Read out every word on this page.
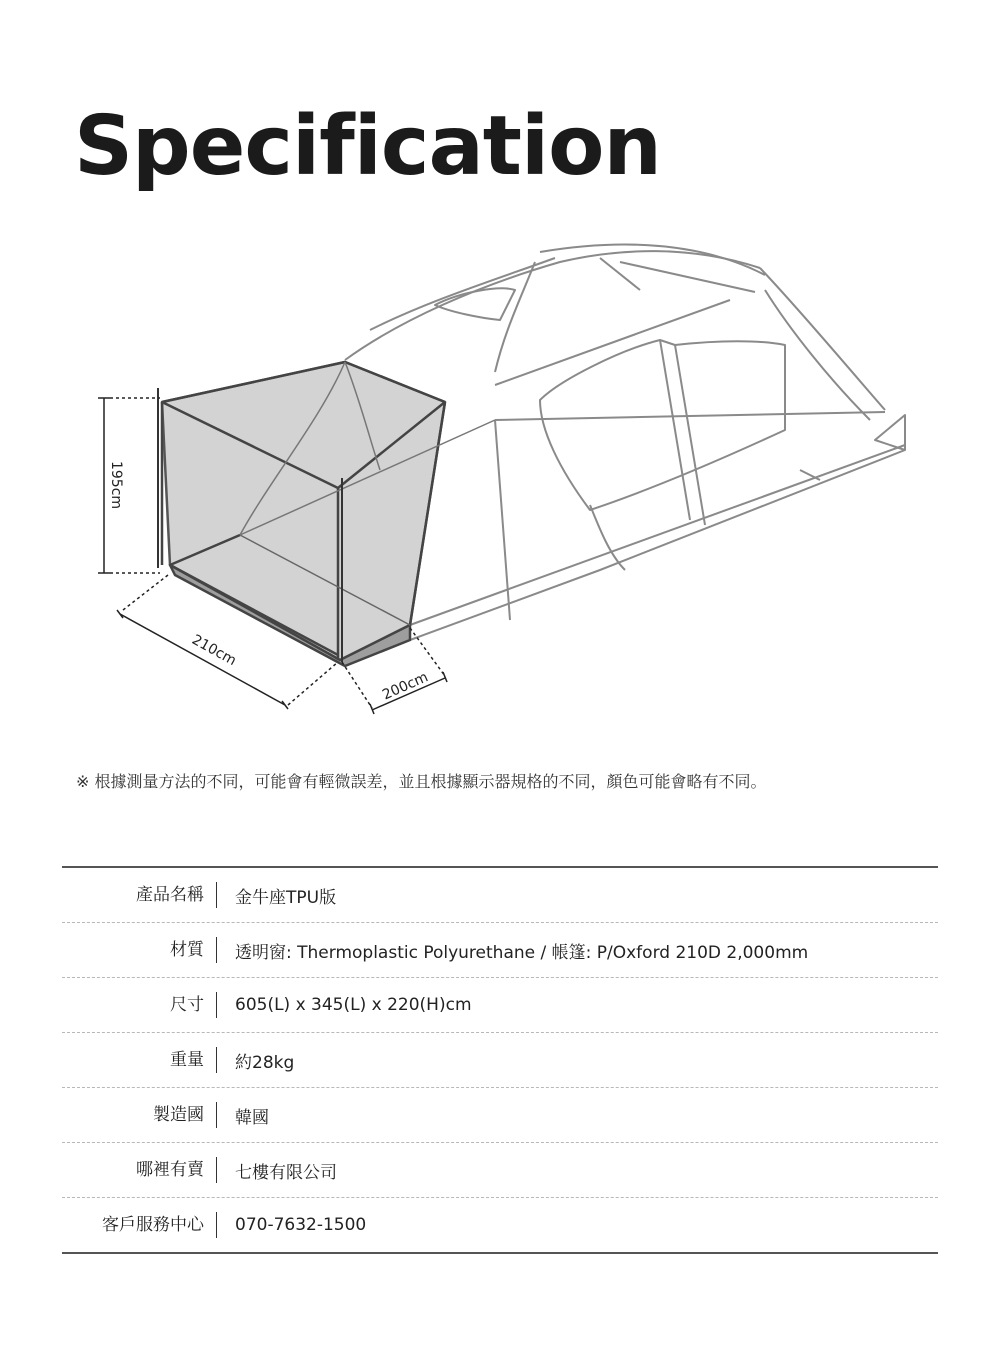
Specification
195cm
210cm
200cm
※ 根據測量方法的不同，可能會有輕微誤差，並且根據顯示器規格的不同，顏色可能會略有不同。
產品名稱	金牛座TPU版
材質	透明窗: Thermoplastic Polyurethane / 帳篷: P/Oxford 210D 2,000mm
尺寸	605(L) x 345(L) x 220(H)cm
重量	約28kg
製造國	韓國
哪裡有賣	七樓有限公司
客戶服務中心	070-7632-1500
